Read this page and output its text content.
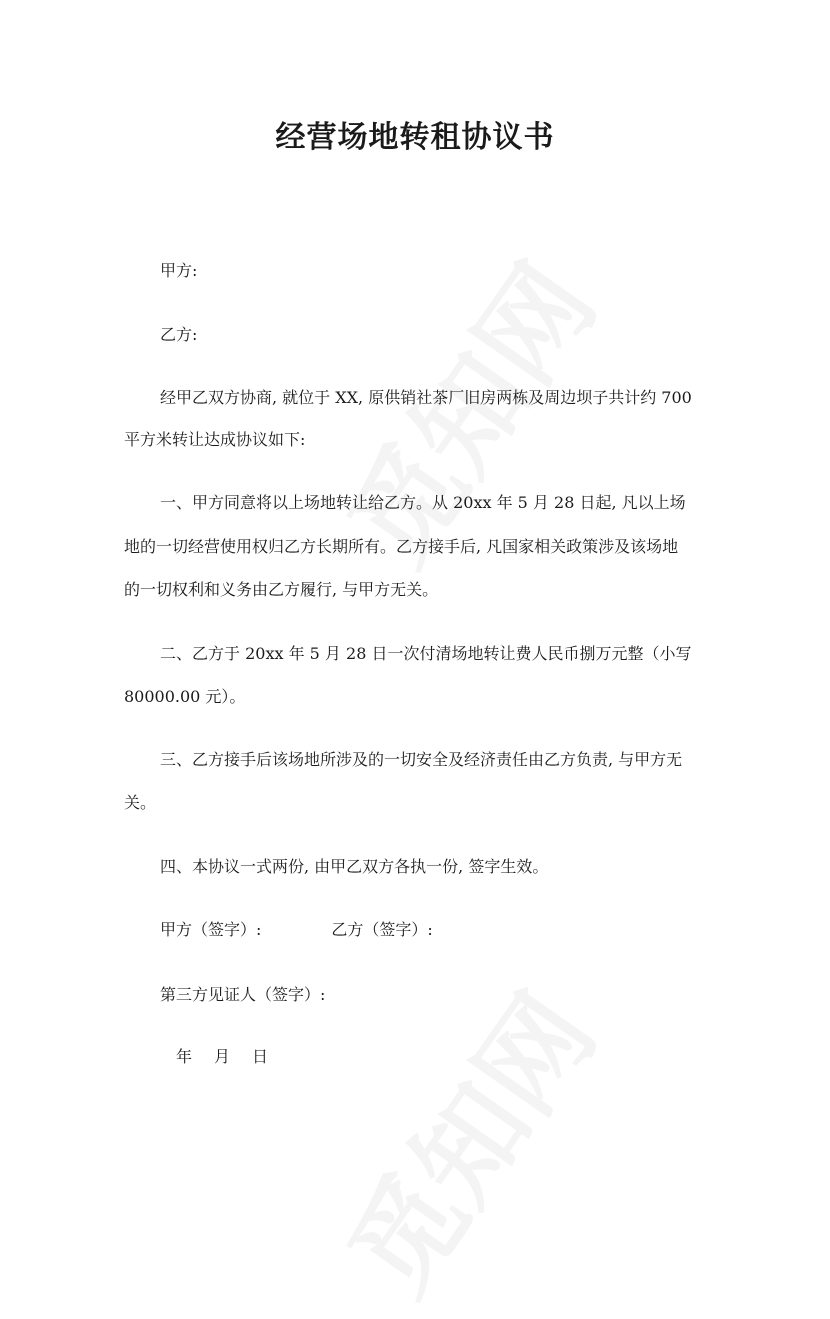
经营场地转租协议书
甲方:
乙方:
经甲乙双方协商, 就位于 XX, 原供销社茶厂旧房两栋及周边坝子共计约 700
平方米转让达成协议如下:
一、甲方同意将以上场地转让给乙方。从 20xx 年 5 月 28 日起, 凡以上场
地的一切经营使用权归乙方长期所有。乙方接手后, 凡国家相关政策涉及该场地
的一切权利和义务由乙方履行, 与甲方无关。
二、乙方于 20xx 年 5 月 28 日一次付清场地转让费人民币捌万元整（小写
80000.00 元）。
三、乙方接手后该场地所涉及的一切安全及经济责任由乙方负责, 与甲方无
关。
四、本协议一式两份, 由甲乙双方各执一份, 签字生效。
甲方（签字）:	乙方（签字）:
第三方见证人（签字）:
年 月 日
